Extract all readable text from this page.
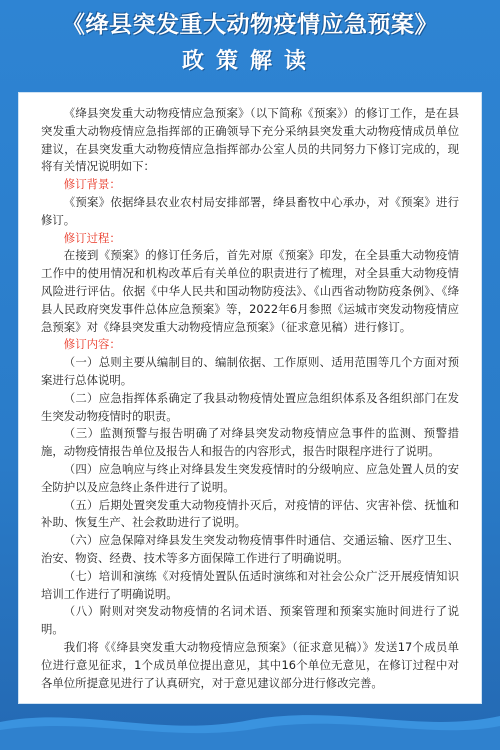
《绛县突发重大动物疫情应急预案》
政策解读

《绛县突发重大动物疫情应急预案》（以下简称《预案》）的修订工作，是在县突发重大动物疫情应急指挥部的正确领导下充分采纳县突发重大动物疫情成员单位建议，在县突发重大动物疫情应急指挥部办公室人员的共同努力下修订完成的，现将有关情况说明如下：

修订背景：

《预案》依据绛县农业农村局安排部署，绛县畜牧中心承办，对《预案》进行修订。

修订过程：

在接到《预案》的修订任务后，首先对原《预案》印发，在全县重大动物疫情工作中的使用情况和机构改革后有关单位的职责进行了梳理，对全县重大动物疫情风险进行评估。依据《中华人民共和国动物防疫法》、《山西省动物防疫条例》、《绛县人民政府突发事件总体应急预案》等，2022年6月参照《运城市突发动物疫情应急预案》对《绛县突发重大动物疫情应急预案》（征求意见稿）进行修订。

修订内容：

（一）总则主要从编制目的、编制依据、工作原则、适用范围等几个方面对预案进行总体说明。

（二）应急指挥体系确定了我县动物疫情处置应急组织体系及各组织部门在发生突发动物疫情时的职责。

（三）监测预警与报告明确了对绛县突发动物疫情应急事件的监测、预警措施，动物疫情报告单位及报告人和报告的内容形式，报告时限程序进行了说明。

（四）应急响应与终止对绛县发生突发疫情时的分级响应、应急处置人员的安全防护以及应急终止条件进行了说明。

（五）后期处置突发重大动物疫情扑灭后，对疫情的评估、灾害补偿、抚恤和补助、恢复生产、社会救助进行了说明。

（六）应急保障对绛县发生突发动物疫情事件时通信、交通运输、医疗卫生、治安、物资、经费、技术等多方面保障工作进行了明确说明。

（七）培训和演练《对疫情处置队伍适时演练和对社会公众广泛开展疫情知识培训工作进行了明确说明。

（八）附则对突发动物疫情的名词术语、预案管理和预案实施时间进行了说明。

我们将《《绛县突发重大动物疫情应急预案》（征求意见稿）》发送17个成员单位进行意见征求，1个成员单位提出意见，其中16个单位无意见，在修订过程中对各单位所提意见进行了认真研究，对于意见建议部分进行修改完善。
